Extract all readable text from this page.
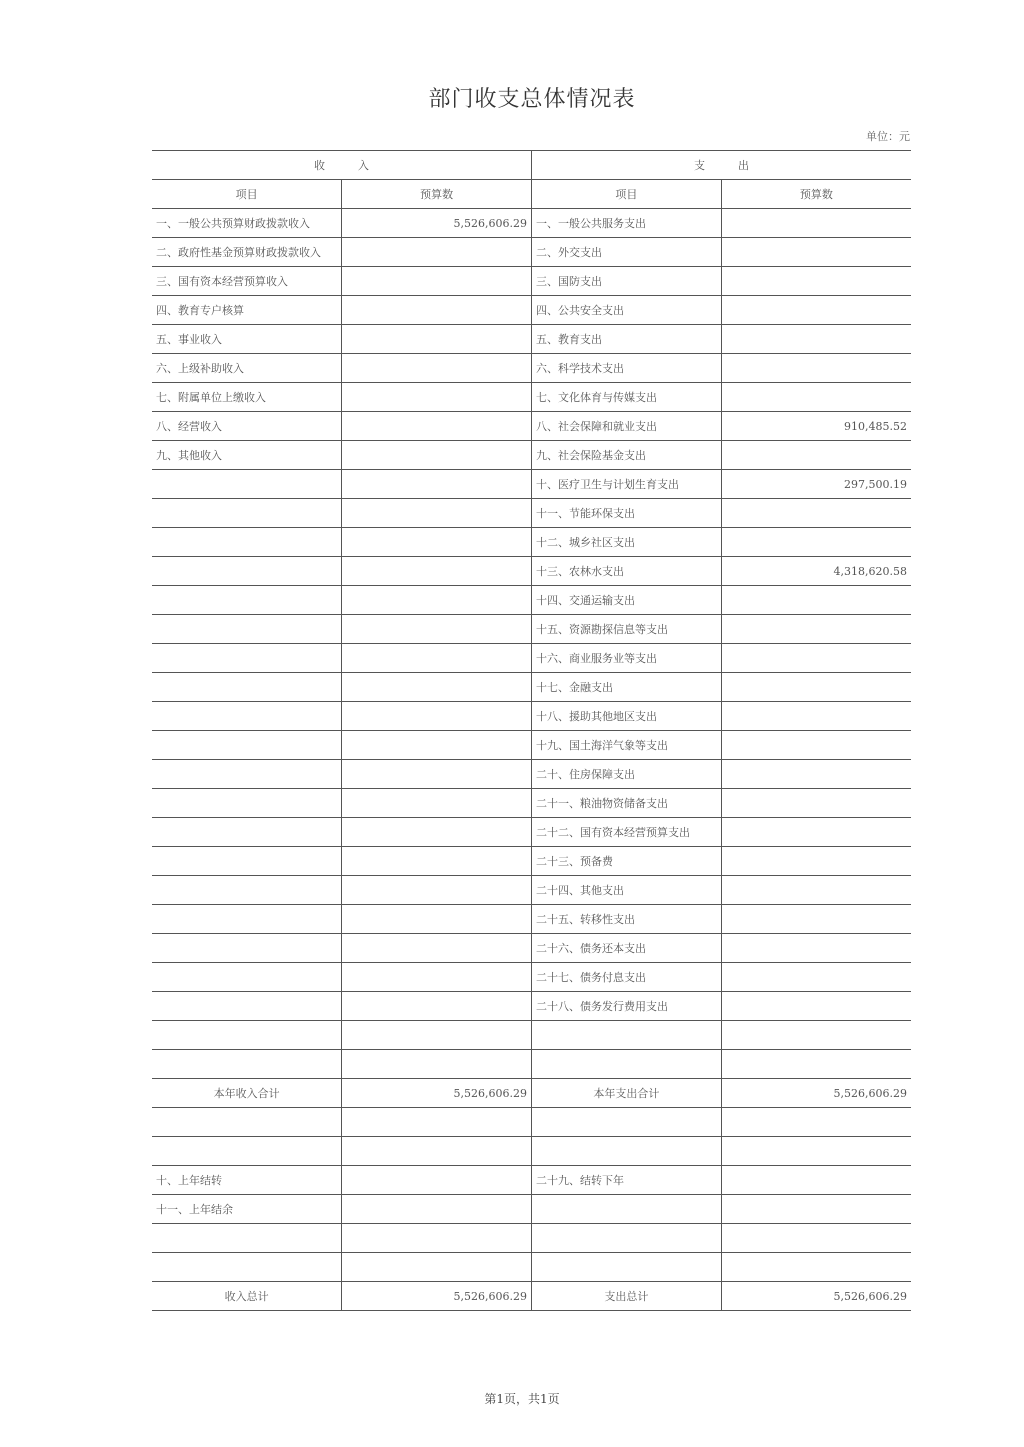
部门收支总体情况表
单位：元
收　　　入		支　　　出	
项目	预算数	项目	预算数
一、一般公共预算财政拨款收入	5,526,606.29	一、一般公共服务支出	
二、政府性基金预算财政拨款收入		二、外交支出	
三、国有资本经营预算收入		三、国防支出	
四、教育专户核算		四、公共安全支出	
五、事业收入		五、教育支出	
六、上级补助收入		六、科学技术支出	
七、附属单位上缴收入		七、文化体育与传媒支出	
八、经营收入		八、社会保障和就业支出	910,485.52
九、其他收入		九、社会保险基金支出	
		十、医疗卫生与计划生育支出	297,500.19
		十一、节能环保支出	
		十二、城乡社区支出	
		十三、农林水支出	4,318,620.58
		十四、交通运输支出	
		十五、资源勘探信息等支出	
		十六、商业服务业等支出	
		十七、金融支出	
		十八、援助其他地区支出	
		十九、国土海洋气象等支出	
		二十、住房保障支出	
		二十一、粮油物资储备支出	
		二十二、国有资本经营预算支出	
		二十三、预备费	
		二十四、其他支出	
		二十五、转移性支出	
		二十六、债务还本支出	
		二十七、债务付息支出	
		二十八、债务发行费用支出	

本年收入合计	5,526,606.29	本年支出合计	5,526,606.29

十、上年结转		二十九、结转下年	
十一、上年结余			

收入总计	5,526,606.29	支出总计	5,526,606.29
第1页，共1页
